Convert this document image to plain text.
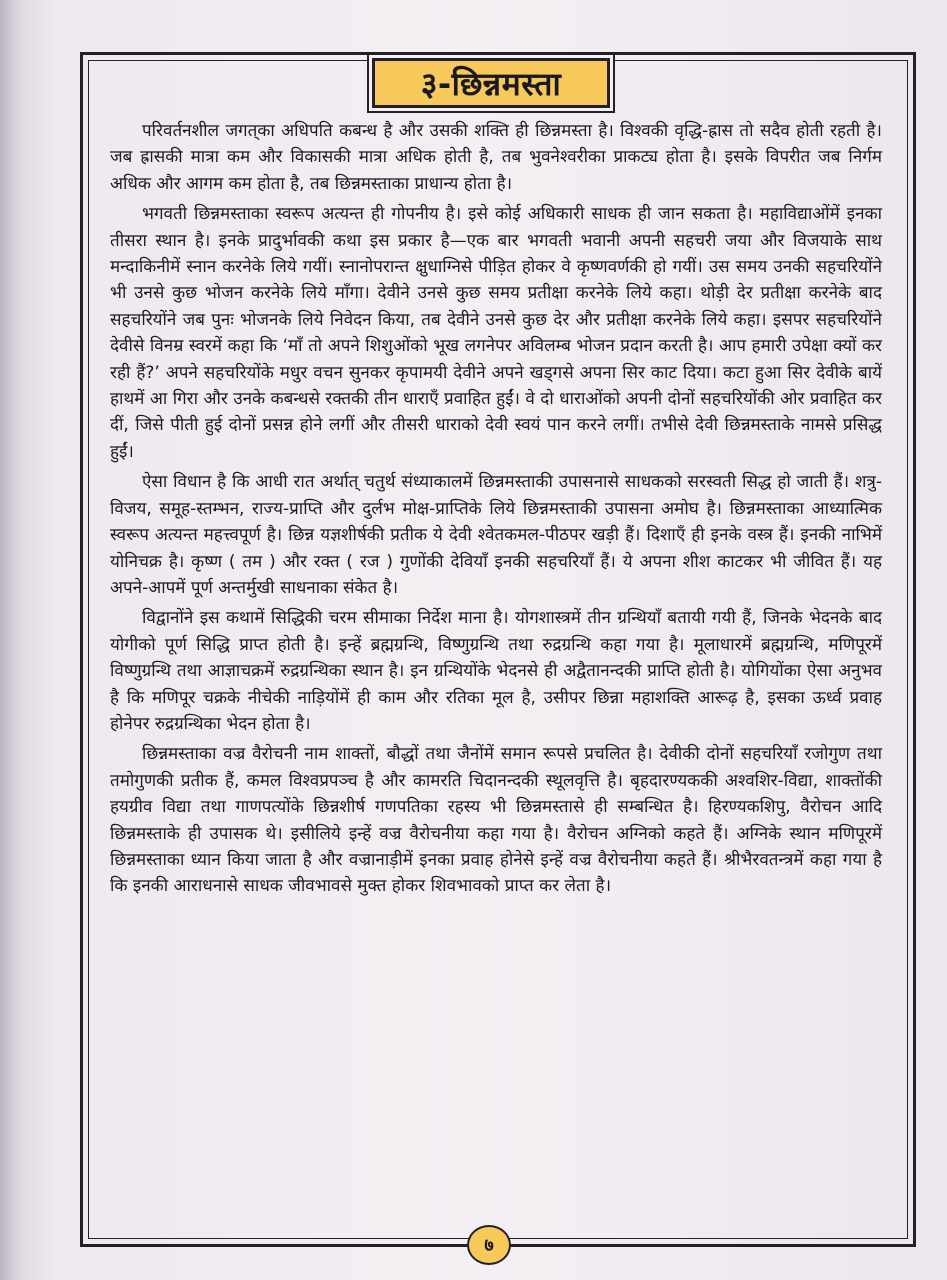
३-छिन्नमस्ता

परिवर्तनशील जगत्‌का अधिपति कबन्ध है और उसकी शक्ति ही छिन्नमस्ता है। विश्वकी वृद्धि-ह्रास तो सदैव होती रहती है। जब ह्रासकी मात्रा कम और विकासकी मात्रा अधिक होती है, तब भुवनेश्वरीका प्राकट्य होता है। इसके विपरीत जब निर्गम अधिक और आगम कम होता है, तब छिन्नमस्ताका प्राधान्य होता है।

भगवती छिन्नमस्ताका स्वरूप अत्यन्त ही गोपनीय है। इसे कोई अधिकारी साधक ही जान सकता है। महाविद्याओंमें इनका तीसरा स्थान है। इनके प्रादुर्भावकी कथा इस प्रकार है—एक बार भगवती भवानी अपनी सहचरी जया और विजयाके साथ मन्दाकिनीमें स्नान करनेके लिये गयीं। स्नानोपरान्त क्षुधाग्निसे पीड़ित होकर वे कृष्णवर्णकी हो गयीं। उस समय उनकी सहचरियोंने भी उनसे कुछ भोजन करनेके लिये माँगा। देवीने उनसे कुछ समय प्रतीक्षा करनेके लिये कहा। थोड़ी देर प्रतीक्षा करनेके बाद सहचरियोंने जब पुनः भोजनके लिये निवेदन किया, तब देवीने उनसे कुछ देर और प्रतीक्षा करनेके लिये कहा। इसपर सहचरियोंने देवीसे विनम्र स्वरमें कहा कि ‘माँ तो अपने शिशुओंको भूख लगनेपर अविलम्ब भोजन प्रदान करती है। आप हमारी उपेक्षा क्यों कर रही हैं?’ अपने सहचरियोंके मधुर वचन सुनकर कृपामयी देवीने अपने खड्गसे अपना सिर काट दिया। कटा हुआ सिर देवीके बायें हाथमें आ गिरा और उनके कबन्धसे रक्तकी तीन धाराएँ प्रवाहित हुईं। वे दो धाराओंको अपनी दोनों सहचरियोंकी ओर प्रवाहित कर दीं, जिसे पीती हुई दोनों प्रसन्न होने लगीं और तीसरी धाराको देवी स्वयं पान करने लगीं। तभीसे देवी छिन्नमस्ताके नामसे प्रसिद्ध हुईं।

ऐसा विधान है कि आधी रात अर्थात् चतुर्थ संध्याकालमें छिन्नमस्ताकी उपासनासे साधकको सरस्वती सिद्ध हो जाती हैं। शत्रु-विजय, समूह-स्तम्भन, राज्य-प्राप्ति और दुर्लभ मोक्ष-प्राप्तिके लिये छिन्नमस्ताकी उपासना अमोघ है। छिन्नमस्ताका आध्यात्मिक स्वरूप अत्यन्त महत्त्वपूर्ण है। छिन्न यज्ञशीर्षकी प्रतीक ये देवी श्वेतकमल-पीठपर खड़ी हैं। दिशाएँ ही इनके वस्त्र हैं। इनकी नाभिमें योनिचक्र है। कृष्ण ( तम ) और रक्त ( रज ) गुणोंकी देवियाँ इनकी सहचरियाँ हैं। ये अपना शीश काटकर भी जीवित हैं। यह अपने-आपमें पूर्ण अन्तर्मुखी साधनाका संकेत है।

विद्वानोंने इस कथामें सिद्धिकी चरम सीमाका निर्देश माना है। योगशास्त्रमें तीन ग्रन्थियाँ बतायी गयी हैं, जिनके भेदनके बाद योगीको पूर्ण सिद्धि प्राप्त होती है। इन्हें ब्रह्मग्रन्थि, विष्णुग्रन्थि तथा रुद्रग्रन्थि कहा गया है। मूलाधारमें ब्रह्मग्रन्थि, मणिपूरमें विष्णुग्रन्थि तथा आज्ञाचक्रमें रुद्रग्रन्थिका स्थान है। इन ग्रन्थियोंके भेदनसे ही अद्वैतानन्दकी प्राप्ति होती है। योगियोंका ऐसा अनुभव है कि मणिपूर चक्रके नीचेकी नाड़ियोंमें ही काम और रतिका मूल है, उसीपर छिन्ना महाशक्ति आरूढ़ है, इसका ऊर्ध्व प्रवाह होनेपर रुद्रग्रन्थिका भेदन होता है।

छिन्नमस्ताका वज्र वैरोचनी नाम शाक्तों, बौद्धों तथा जैनोंमें समान रूपसे प्रचलित है। देवीकी दोनों सहचरियाँ रजोगुण तथा तमोगुणकी प्रतीक हैं, कमल विश्वप्रपञ्च है और कामरति चिदानन्दकी स्थूलवृत्ति है। बृहदारण्यककी अश्वशिर-विद्या, शाक्तोंकी हयग्रीव विद्या तथा गाणपत्योंके छिन्नशीर्ष गणपतिका रहस्य भी छिन्नमस्तासे ही सम्बन्धित है। हिरण्यकशिपु, वैरोचन आदि छिन्नमस्ताके ही उपासक थे। इसीलिये इन्हें वज्र वैरोचनीया कहा गया है। वैरोचन अग्निको कहते हैं। अग्निके स्थान मणिपूरमें छिन्नमस्ताका ध्यान किया जाता है और वज्रानाड़ीमें इनका प्रवाह होनेसे इन्हें वज्र वैरोचनीया कहते हैं। श्रीभैरवतन्त्रमें कहा गया है कि इनकी आराधनासे साधक जीवभावसे मुक्त होकर शिवभावको प्राप्त कर लेता है।

७
